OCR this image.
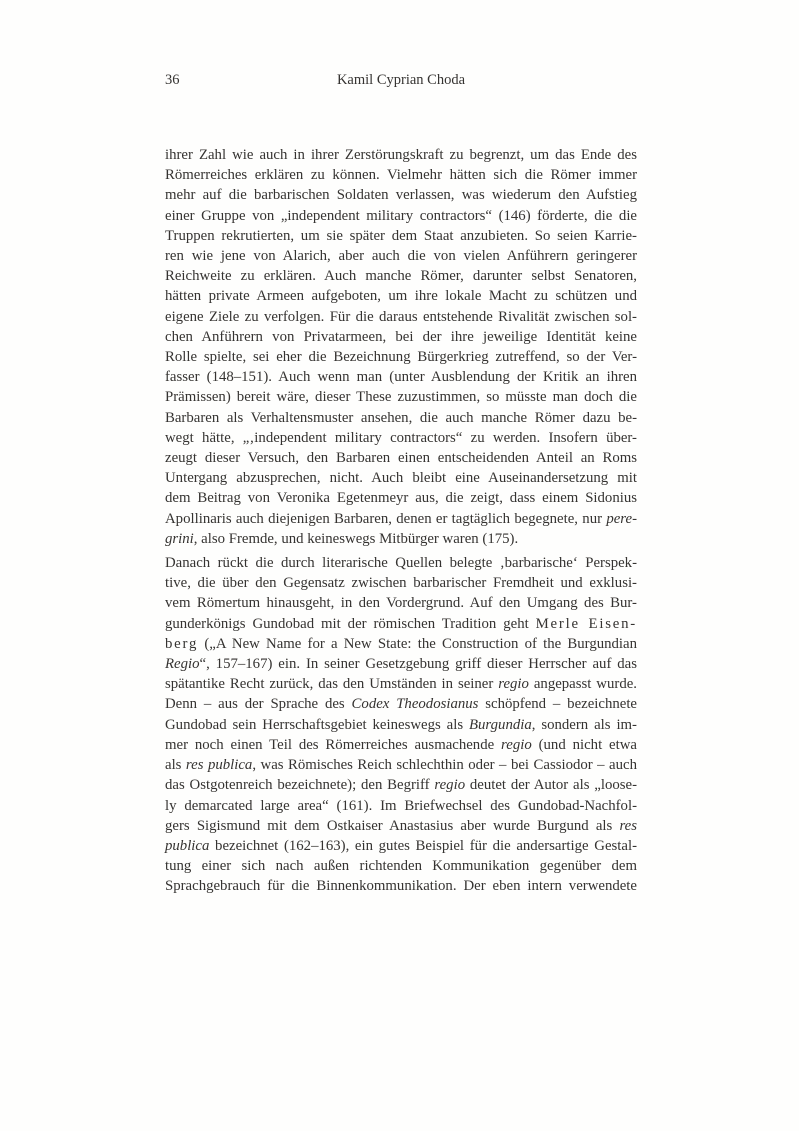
36	Kamil Cyprian Choda
ihrer Zahl wie auch in ihrer Zerstörungskraft zu begrenzt, um das Ende des
Römerreiches erklären zu können. Vielmehr hätten sich die Römer immer
mehr auf die barbarischen Soldaten verlassen, was wiederum den Aufstieg
einer Gruppe von „independent military contractors“ (146) förderte, die die
Truppen rekrutierten, um sie später dem Staat anzubieten. So seien Karrie-
ren wie jene von Alarich, aber auch die von vielen Anführern geringerer
Reichweite zu erklären. Auch manche Römer, darunter selbst Senatoren,
hätten private Armeen aufgeboten, um ihre lokale Macht zu schützen und
eigene Ziele zu verfolgen. Für die daraus entstehende Rivalität zwischen sol-
chen Anführern von Privatarmeen, bei der ihre jeweilige Identität keine
Rolle spielte, sei eher die Bezeichnung Bürgerkrieg zutreffend, so der Ver-
fasser (148–151). Auch wenn man (unter Ausblendung der Kritik an ihren
Prämissen) bereit wäre, dieser These zuzustimmen, so müsste man doch die
Barbaren als Verhaltensmuster ansehen, die auch manche Römer dazu be-
wegt hätte, „‚independent military contractors“ zu werden. Insofern über-
zeugt dieser Versuch, den Barbaren einen entscheidenden Anteil an Roms
Untergang abzusprechen, nicht. Auch bleibt eine Auseinandersetzung mit
dem Beitrag von Veronika Egetenmeyr aus, die zeigt, dass einem Sidonius
Apollinaris auch diejenigen Barbaren, denen er tagtäglich begegnete, nur pere-
grini, also Fremde, und keineswegs Mitbürger waren (175).
Danach rückt die durch literarische Quellen belegte ‚barbarische‘ Perspek-
tive, die über den Gegensatz zwischen barbarischer Fremdheit und exklusi-
vem Römertum hinausgeht, in den Vordergrund. Auf den Umgang des Bur-
gunderkönigs Gundobad mit der römischen Tradition geht Merle Eisen-
berg („A New Name for a New State: the Construction of the Burgundian
Regio“, 157–167) ein. In seiner Gesetzgebung griff dieser Herrscher auf das
spätantike Recht zurück, das den Umständen in seiner regio angepasst wurde.
Denn – aus der Sprache des Codex Theodosianus schöpfend – bezeichnete
Gundobad sein Herrschaftsgebiet keineswegs als Burgundia, sondern als im-
mer noch einen Teil des Römerreiches ausmachende regio (und nicht etwa
als res publica, was Römisches Reich schlechthin oder – bei Cassiodor – auch
das Ostgotenreich bezeichnete); den Begriff regio deutet der Autor als „loose-
ly demarcated large area“ (161). Im Briefwechsel des Gundobad-Nachfol-
gers Sigismund mit dem Ostkaiser Anastasius aber wurde Burgund als res
publica bezeichnet (162–163), ein gutes Beispiel für die andersartige Gestal-
tung einer sich nach außen richtenden Kommunikation gegenüber dem
Sprachgebrauch für die Binnenkommunikation. Der eben intern verwendete
